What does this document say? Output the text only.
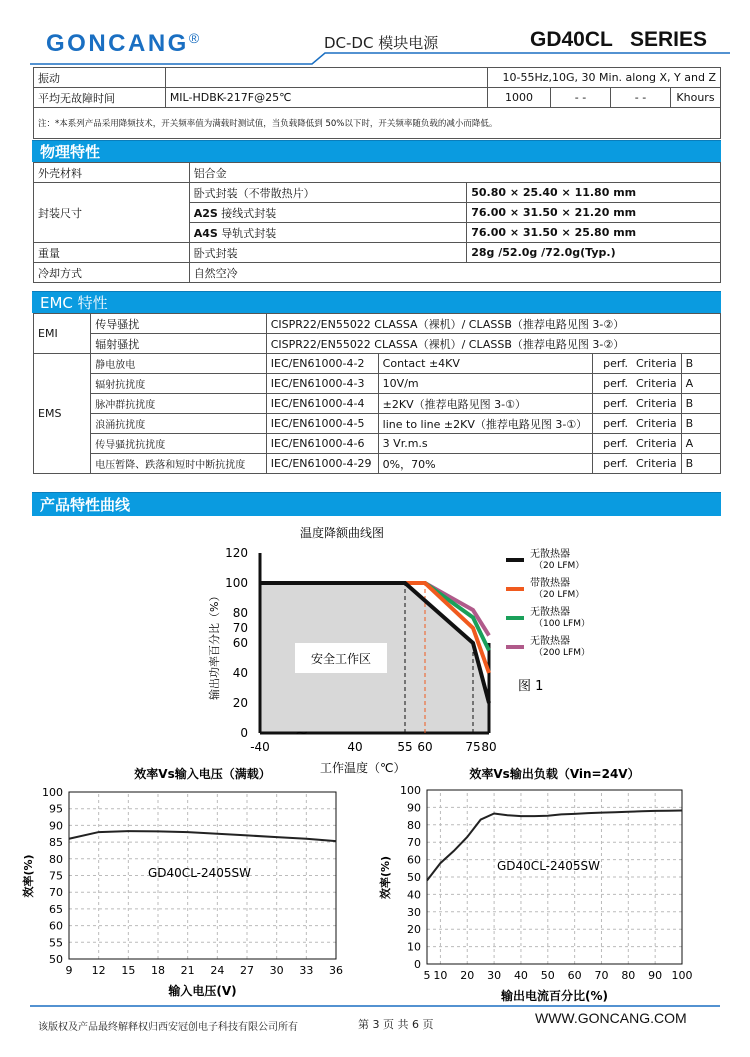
GONCANG®	DC-DC 模块电源	GD40CL   SERIES
振动		10-55Hz,10G, 30 Min. along X, Y and Z			
平均无故障时间	MIL-HDBK-217F@25℃	1000	- -	- -	Khours
注：*本系列产品采用降频技术，开关频率值为满载时测试值，当负载降低到 50%以下时，开关频率随负载的减小而降低。					
物理特性
外壳材料	铝合金	
封装尺寸	卧式封装（不带散热片）	50.80 × 25.40 × 11.80 mm
	A2S 接线式封装	76.00 × 31.50 × 21.20 mm
	A4S 导轨式封装	76.00 × 31.50 × 25.80 mm
重量	卧式封装	28g /52.0g /72.0g(Typ.)
冷却方式	自然空冷	
EMC 特性
EMI	传导骚扰	CISPR22/EN55022 CLASSA（裸机）/ CLASSB（推荐电路见图 3-②）				
	辐射骚扰	CISPR22/EN55022 CLASSA（裸机）/ CLASSB（推荐电路见图 3-②）				
EMS	静电放电	IEC/EN61000-4-2	Contact ±4KV	perf.	Criteria	B
	辐射抗扰度	IEC/EN61000-4-3	10V/m	perf.	Criteria	A
	脉冲群抗扰度	IEC/EN61000-4-4	±2KV（推荐电路见图 3-①）	perf.	Criteria	B
	浪涌抗扰度	IEC/EN61000-4-5	line to line ±2KV（推荐电路见图 3-①）	perf.	Criteria	B
	传导骚扰抗扰度	IEC/EN61000-4-6	3 Vr.m.s	perf.	Criteria	A
	电压暂降、跌落和短时中断抗扰度	IEC/EN61000-4-29	0%，70%	perf.	Criteria	B
产品特性曲线
温度降额曲线图
安全工作区
~
0
20
40
60
70
80
100
120
-40	40	55 60	75 80
工作温度（℃）
输出功率百分比（%）
无散热器
（20 LFM）
带散热器
（20 LFM）
无散热器
（100 LFM）
无散热器
（200 LFM）
图 1
效率Vs输入电压（满载）
50
55
60
65
70
75
80
85
90
95
100
9 12 15 18 21 24 27 30 33 36
输入电压(V)
效率(%)	GD40CL-2405SW
效率Vs输出负载（Vin=24V）
0
10
20
30
40
50
60
70
80
90
100
5 10 20 30 40 50 60 70 80 90 100
输出电流百分比(%)
效率(%)	GD40CL-2405SW
该版权及产品最终解释权归西安冠创电子科技有限公司所有	第 3 页 共 6 页	WWW.GONCANG.COM
